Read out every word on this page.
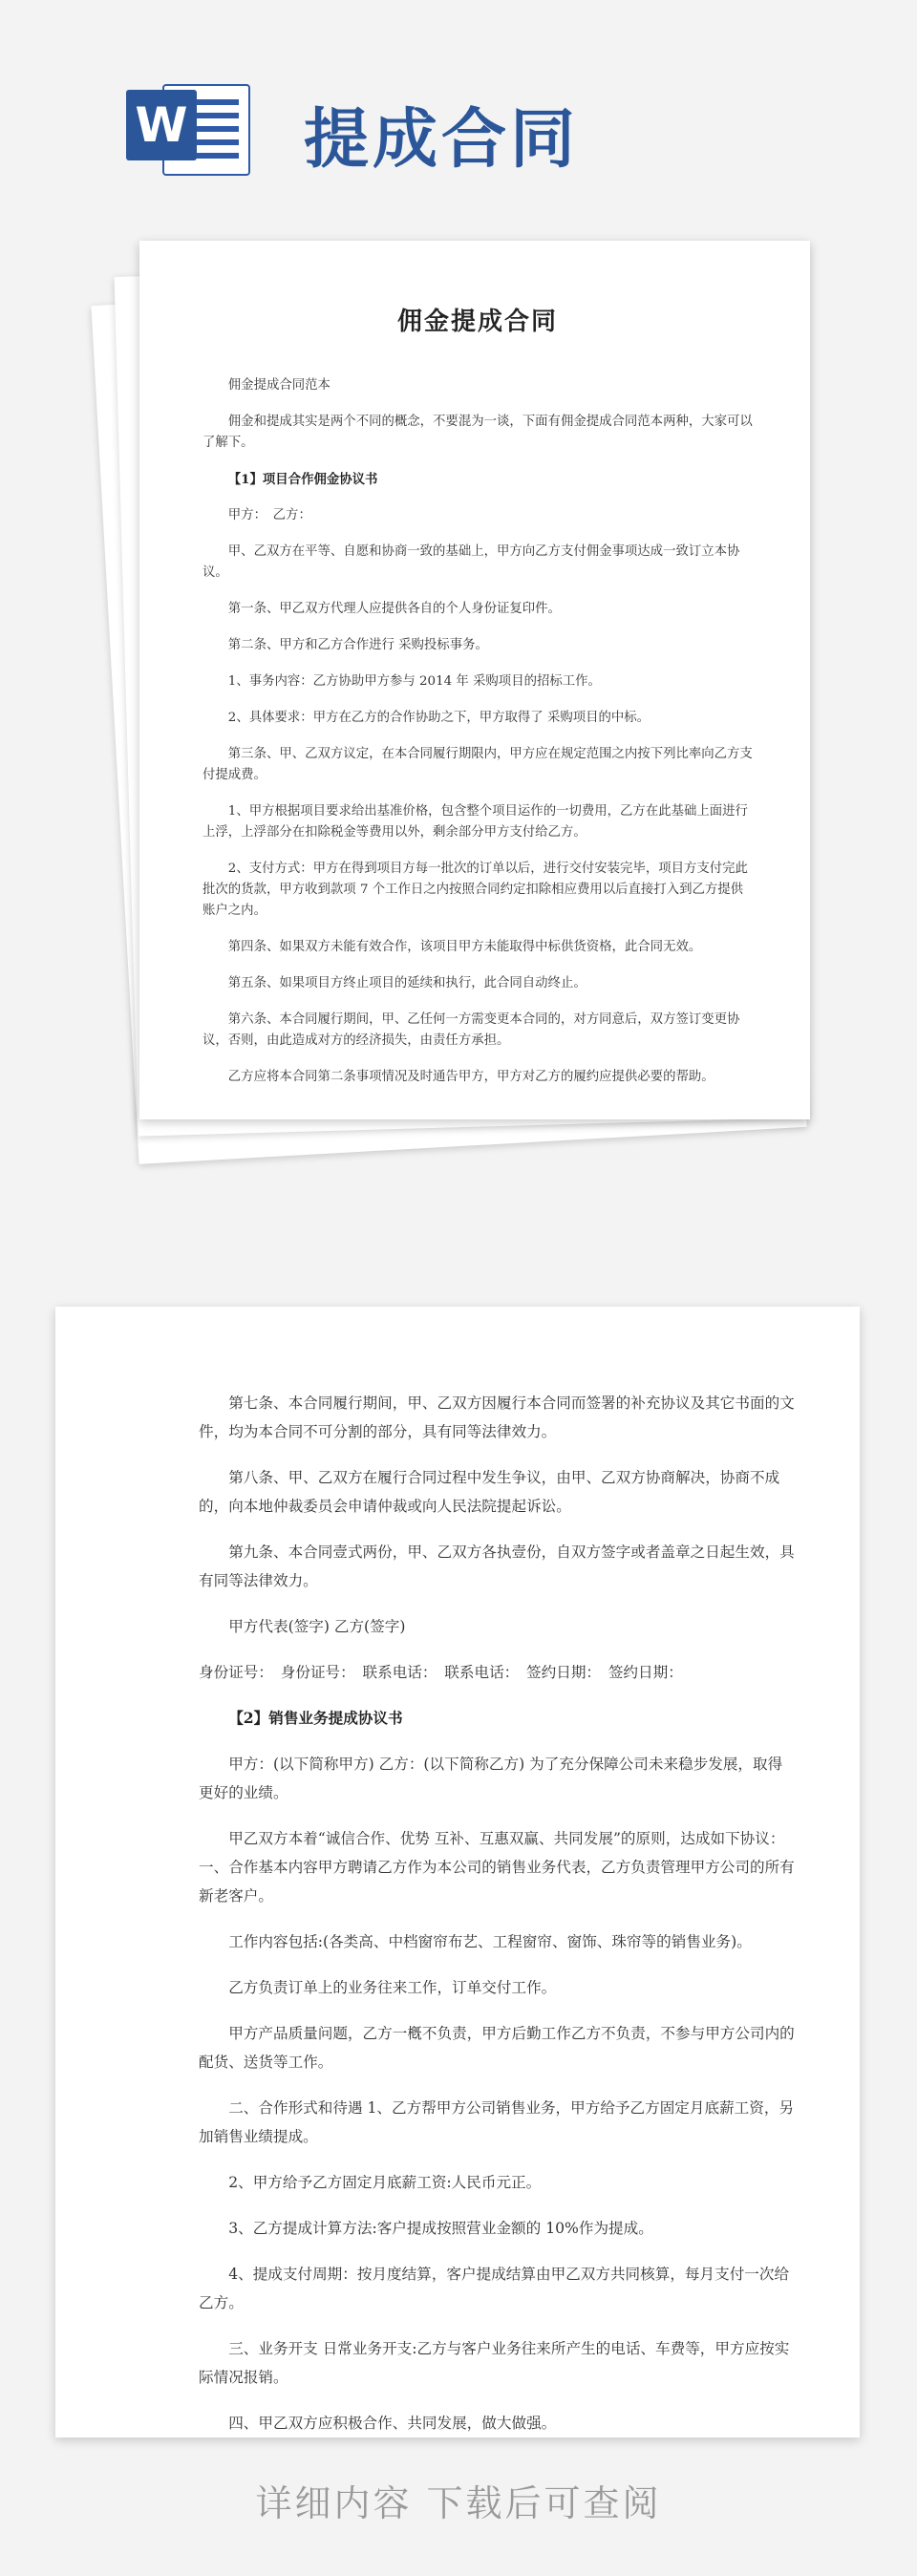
W 提成合同
佣金提成合同

佣金提成合同范本

佣金和提成其实是两个不同的概念，不要混为一谈，下面有佣金提成合同范本两种，大家可以了解下。

【1】项目合作佣金协议书

甲方：　乙方：

甲、乙双方在平等、自愿和协商一致的基础上，甲方向乙方支付佣金事项达成一致订立本协议。

第一条、甲乙双方代理人应提供各自的个人身份证复印件。

第二条、甲方和乙方合作进行 采购投标事务。

1、事务内容：乙方协助甲方参与 2014 年 采购项目的招标工作。

2、具体要求：甲方在乙方的合作协助之下，甲方取得了 采购项目的中标。

第三条、甲、乙双方议定，在本合同履行期限内，甲方应在规定范围之内按下列比率向乙方支付提成费。

1、甲方根据项目要求给出基准价格，包含整个项目运作的一切费用，乙方在此基础上面进行上浮，上浮部分在扣除税金等费用以外，剩余部分甲方支付给乙方。

2、支付方式：甲方在得到项目方每一批次的订单以后，进行交付安装完毕，项目方支付完此批次的货款，甲方收到款项 7 个工作日之内按照合同约定扣除相应费用以后直接打入到乙方提供账户之内。

第四条、如果双方未能有效合作，该项目甲方未能取得中标供货资格，此合同无效。

第五条、如果项目方终止项目的延续和执行，此合同自动终止。

第六条、本合同履行期间，甲、乙任何一方需变更本合同的，对方同意后，双方签订变更协议，否则，由此造成对方的经济损失，由责任方承担。

乙方应将本合同第二条事项情况及时通告甲方，甲方对乙方的履约应提供必要的帮助。

第七条、本合同履行期间，甲、乙双方因履行本合同而签署的补充协议及其它书面的文件，均为本合同不可分割的部分，具有同等法律效力。

第八条、甲、乙双方在履行合同过程中发生争议，由甲、乙双方协商解决，协商不成的，向本地仲裁委员会申请仲裁或向人民法院提起诉讼。

第九条、本合同壹式两份，甲、乙双方各执壹份，自双方签字或者盖章之日起生效，具有同等法律效力。

甲方代表(签字) 乙方(签字)

身份证号：　身份证号：　联系电话：　联系电话：　签约日期：　签约日期：

【2】销售业务提成协议书

甲方：(以下简称甲方) 乙方：(以下简称乙方) 为了充分保障公司未来稳步发展，取得更好的业绩。

甲乙双方本着“诚信合作、优势 互补、互惠双赢、共同发展”的原则，达成如下协议： 一、合作基本内容甲方聘请乙方作为本公司的销售业务代表，乙方负责管理甲方公司的所有新老客户。

工作内容包括:(各类高、中档窗帘布艺、工程窗帘、窗饰、珠帘等的销售业务)。

乙方负责订单上的业务往来工作，订单交付工作。

甲方产品质量问题，乙方一槪不负责，甲方后勤工作乙方不负责，不参与甲方公司内的配货、送货等工作。

二、合作形式和待遇 1、乙方帮甲方公司销售业务，甲方给予乙方固定月底薪工资，另加销售业绩提成。

2、甲方给予乙方固定月底薪工资:人民币元正。

3、乙方提成计算方法:客户提成按照营业金额的 10%作为提成。

4、提成支付周期：按月度结算，客户提成结算由甲乙双方共同核算，每月支付一次给乙方。

三、业务开支 日常业务开支:乙方与客户业务往来所产生的电话、车费等，甲方应按实际情况报销。

四、甲乙双方应积极合作、共同发展，做大做强。

详细内容 下载后可查阅
